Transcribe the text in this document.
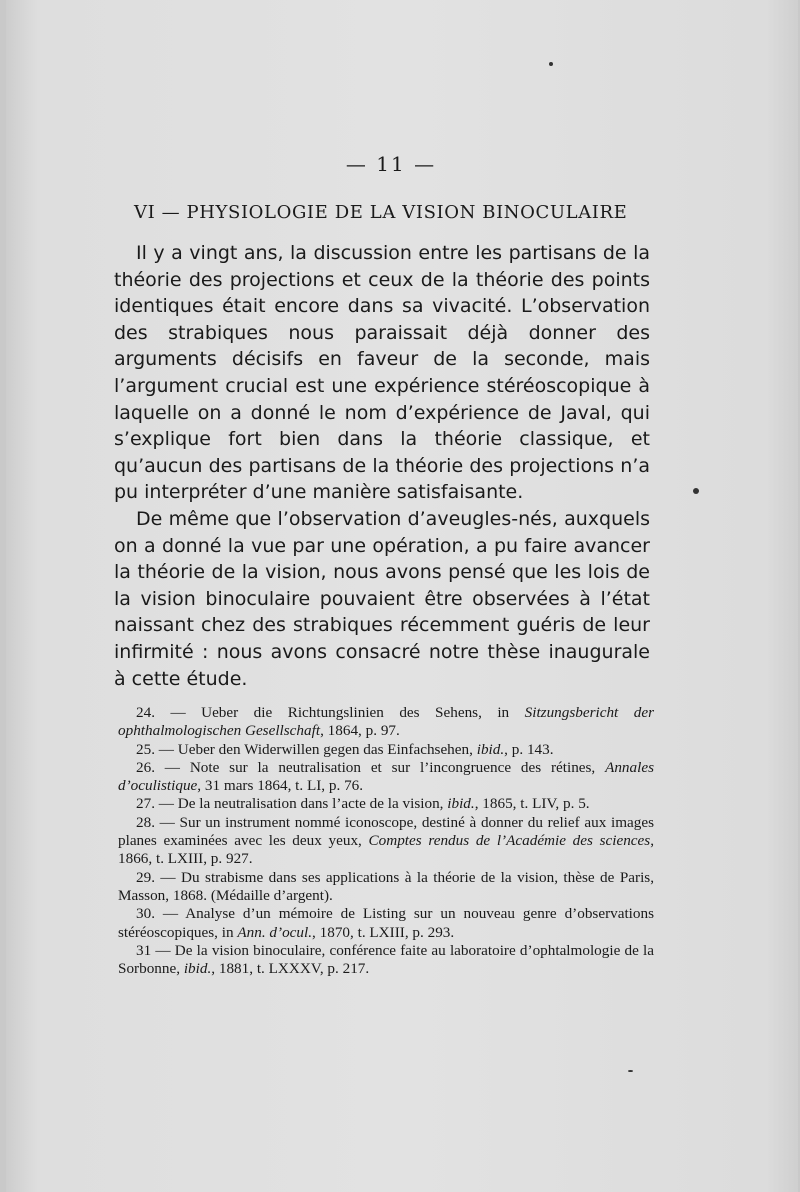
— 11 —
VI — PHYSIOLOGIE DE LA VISION BINOCULAIRE

Il y a vingt ans, la discussion entre les partisans de la théorie des projections et ceux de la théorie des points identiques était encore dans sa vivacité. L’observation des strabiques nous paraissait déjà donner des arguments décisifs en faveur de la seconde, mais l’argument crucial est une expérience stéréoscopique à laquelle on a donné le nom d’expérience de Javal, qui s’explique fort bien dans la théorie classique, et qu’aucun des partisans de la théorie des projections n’a pu interpréter d’une manière satisfaisante.

De même que l’observation d’aveugles-nés, auxquels on a donné la vue par une opération, a pu faire avancer la théorie de la vision, nous avons pensé que les lois de la vision binoculaire pouvaient être observées à l’état naissant chez des strabiques récemment guéris de leur infirmité : nous avons consacré notre thèse inaugurale à cette étude.

24. — Ueber die Richtungslinien des Sehens, in Sitzungsbericht der ophthalmologischen Gesellschaft, 1864, p. 97.

25. — Ueber den Widerwillen gegen das Einfachsehen, ibid., p. 143.

26. — Note sur la neutralisation et sur l’incongruence des rétines, Annales d’oculistique, 31 mars 1864, t. LI, p. 76.

27. — De la neutralisation dans l’acte de la vision, ibid., 1865, t. LIV, p. 5.

28. — Sur un instrument nommé iconoscope, destiné à donner du relief aux images planes examinées avec les deux yeux, Comptes rendus de l’Académie des sciences, 1866, t. LXIII, p. 927.

29. — Du strabisme dans ses applications à la théorie de la vision, thèse de Paris, Masson, 1868. (Médaille d’argent).

30. — Analyse d’un mémoire de Listing sur un nouveau genre d’observations stéréoscopiques, in Ann. d’ocul., 1870, t. LXIII, p. 293.

31 — De la vision binoculaire, conférence faite au laboratoire d’ophtalmologie de la Sorbonne, ibid., 1881, t. LXXXV, p. 217.
